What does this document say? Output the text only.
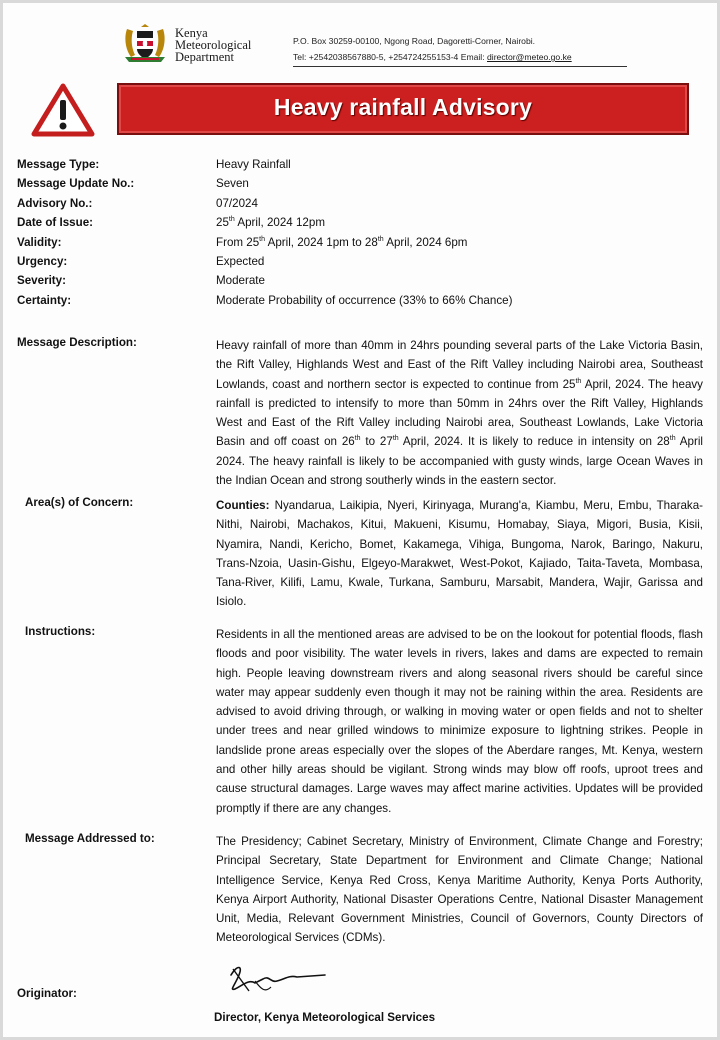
Kenya
Meteorological
Department
P.O. Box 30259-00100, Ngong Road, Dagoretti-Corner, Nairobi.
Tel: +2542038567880-5, +254724255153-4 Email: director@meteo.go.ke
Heavy rainfall Advisory
Message Type:	Heavy Rainfall
Message Update No.:	Seven
Advisory No.:	07/2024
Date of Issue:	25th April, 2024 12pm
Validity:	From 25th April, 2024 1pm to 28th April, 2024 6pm
Urgency:	Expected
Severity:	Moderate
Certainty:	Moderate Probability of occurrence (33% to 66% Chance)
Message Description:	Heavy rainfall of more than 40mm in 24hrs pounding several parts of the Lake Victoria Basin, the Rift Valley, Highlands West and East of the Rift Valley including Nairobi area, Southeast Lowlands, coast and northern sector is expected to continue from 25th April, 2024. The heavy rainfall is predicted to intensify to more than 50mm in 24hrs over the Rift Valley, Highlands West and East of the Rift Valley including Nairobi area, Southeast Lowlands, Lake Victoria Basin and off coast on 26th to 27th April, 2024. It is likely to reduce in intensity on 28th April 2024. The heavy rainfall is likely to be accompanied with gusty winds, large Ocean Waves in the Indian Ocean and strong southerly winds in the eastern sector.
Area(s) of Concern:	Counties: Nyandarua, Laikipia, Nyeri, Kirinyaga, Murang'a, Kiambu, Meru, Embu, Tharaka-Nithi, Nairobi, Machakos, Kitui, Makueni, Kisumu, Homabay, Siaya, Migori, Busia, Kisii, Nyamira, Nandi, Kericho, Bomet, Kakamega, Vihiga, Bungoma, Narok, Baringo, Nakuru, Trans-Nzoia, Uasin-Gishu, Elgeyo-Marakwet, West-Pokot, Kajiado, Taita-Taveta, Mombasa, Tana-River, Kilifi, Lamu, Kwale, Turkana, Samburu, Marsabit, Mandera, Wajir, Garissa and Isiolo.
Instructions:	Residents in all the mentioned areas are advised to be on the lookout for potential floods, flash floods and poor visibility. The water levels in rivers, lakes and dams are expected to remain high. People leaving downstream rivers and along seasonal rivers should be careful since water may appear suddenly even though it may not be raining within the area. Residents are advised to avoid driving through, or walking in moving water or open fields and not to shelter under trees and near grilled windows to minimize exposure to lightning strikes. People in landslide prone areas especially over the slopes of the Aberdare ranges, Mt. Kenya, western and other hilly areas should be vigilant. Strong winds may blow off roofs, uproot trees and cause structural damages. Large waves may affect marine activities. Updates will be provided promptly if there are any changes.
Message Addressed to:	The Presidency; Cabinet Secretary, Ministry of Environment, Climate Change and Forestry; Principal Secretary, State Department for Environment and Climate Change; National Intelligence Service, Kenya Red Cross, Kenya Maritime Authority, Kenya Ports Authority, Kenya Airport Authority, National Disaster Operations Centre, National Disaster Management Unit, Media, Relevant Government Ministries, Council of Governors, County Directors of Meteorological Services (CDMs).
Originator:
Director, Kenya Meteorological Services
